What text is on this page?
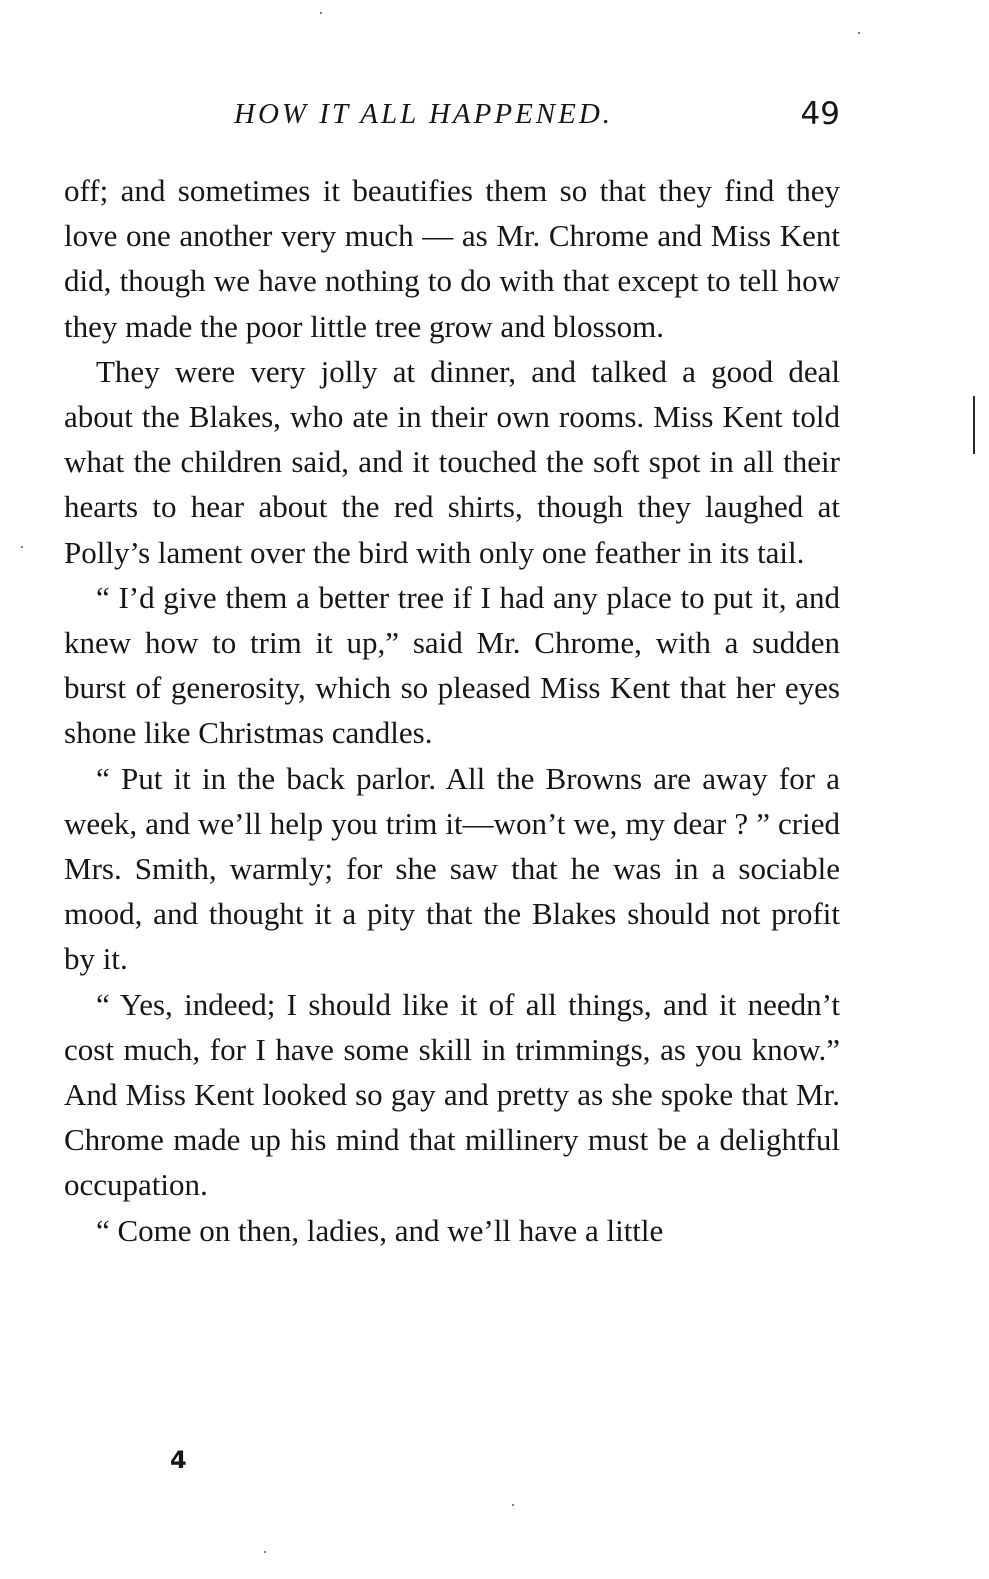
HOW IT ALL HAPPENED.	49

off; and sometimes it beautifies them so that they find they love one another very much — as Mr. Chrome and Miss Kent did, though we have nothing to do with that except to tell how they made the poor little tree grow and blossom.

They were very jolly at dinner, and talked a good deal about the Blakes, who ate in their own rooms. Miss Kent told what the children said, and it touched the soft spot in all their hearts to hear about the red shirts, though they laughed at Polly’s lament over the bird with only one feather in its tail.

“ I’d give them a better tree if I had any place to put it, and knew how to trim it up,” said Mr. Chrome, with a sudden burst of generosity, which so pleased Miss Kent that her eyes shone like Christmas candles.

“ Put it in the back parlor. All the Browns are away for a week, and we’ll help you trim it—won’t we, my dear ? ” cried Mrs. Smith, warmly; for she saw that he was in a sociable mood, and thought it a pity that the Blakes should not profit by it.

“ Yes, indeed; I should like it of all things, and it needn’t cost much, for I have some skill in trimmings, as you know.” And Miss Kent looked so gay and pretty as she spoke that Mr. Chrome made up his mind that millinery must be a delightful occupation.

“ Come on then, ladies, and we’ll have a little

4
